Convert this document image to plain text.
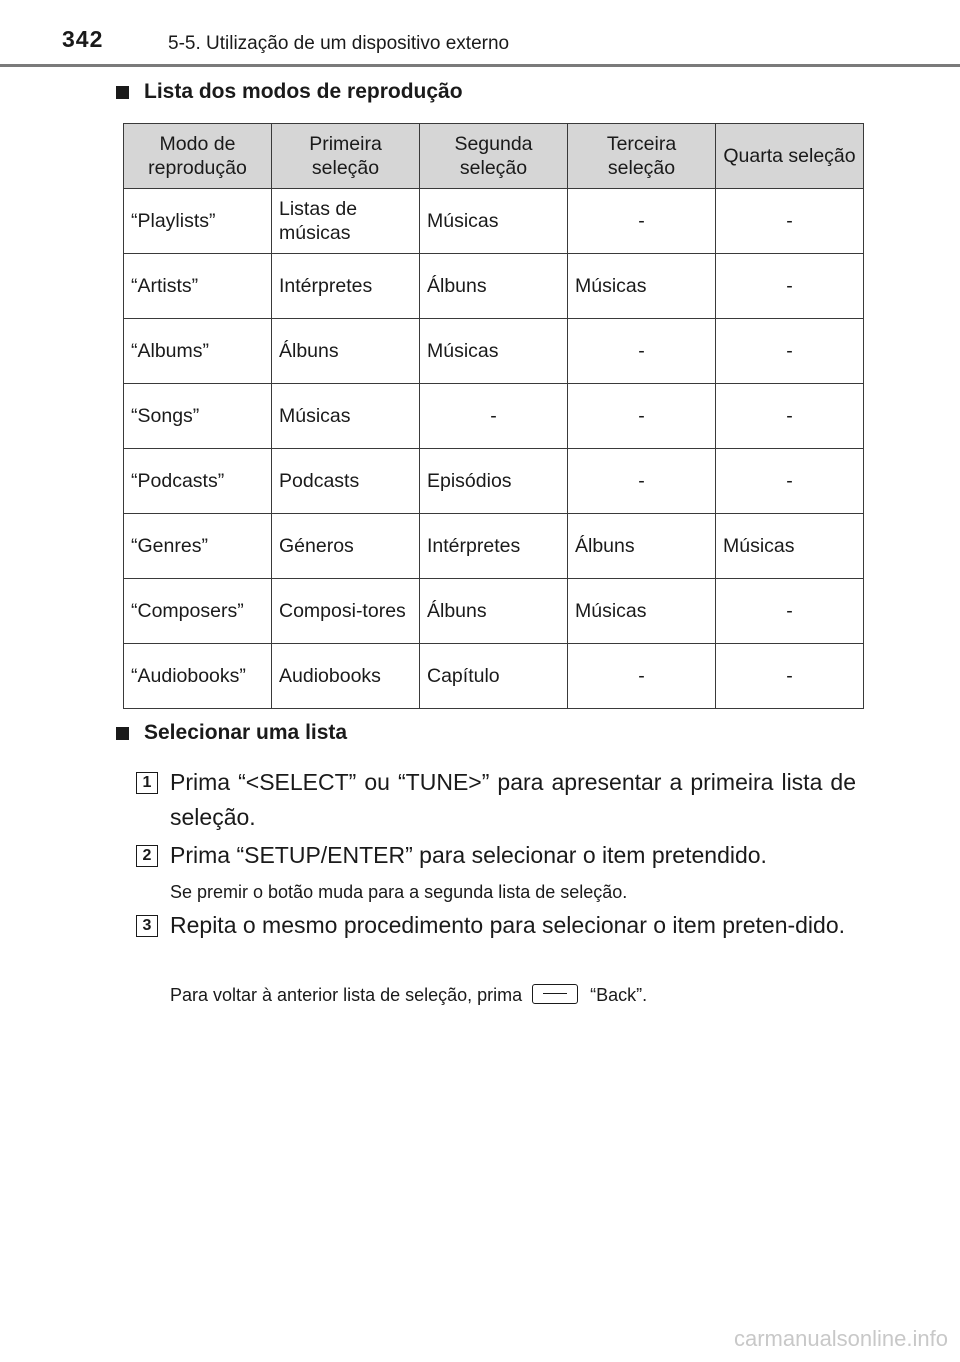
342	5-5. Utilização de um dispositivo externo
Lista dos modos de reprodução
Modo de reprodução	Primeira seleção	Segunda seleção	Terceira seleção	Quarta seleção
“Playlists”	Listas de músicas	Músicas	-	-
“Artists”	Intérpretes	Álbuns	Músicas	-
“Albums”	Álbuns	Músicas	-	-
“Songs”	Músicas	-	-	-
“Podcasts”	Podcasts	Episódios	-	-
“Genres”	Géneros	Intérpretes	Álbuns	Músicas
“Composers”	Composi-tores	Álbuns	Músicas	-
“Audiobooks”	Audiobooks	Capítulo	-	-
Selecionar uma lista
1 Prima “<SELECT” ou “TUNE>” para apresentar a primeira lista de seleção.
2 Prima “SETUP/ENTER” para selecionar o item pretendido.
Se premir o botão muda para a segunda lista de seleção.
3 Repita o mesmo procedimento para selecionar o item preten-dido.
Para voltar à anterior lista de seleção, prima	“Back”.
carmanualsonline.info
